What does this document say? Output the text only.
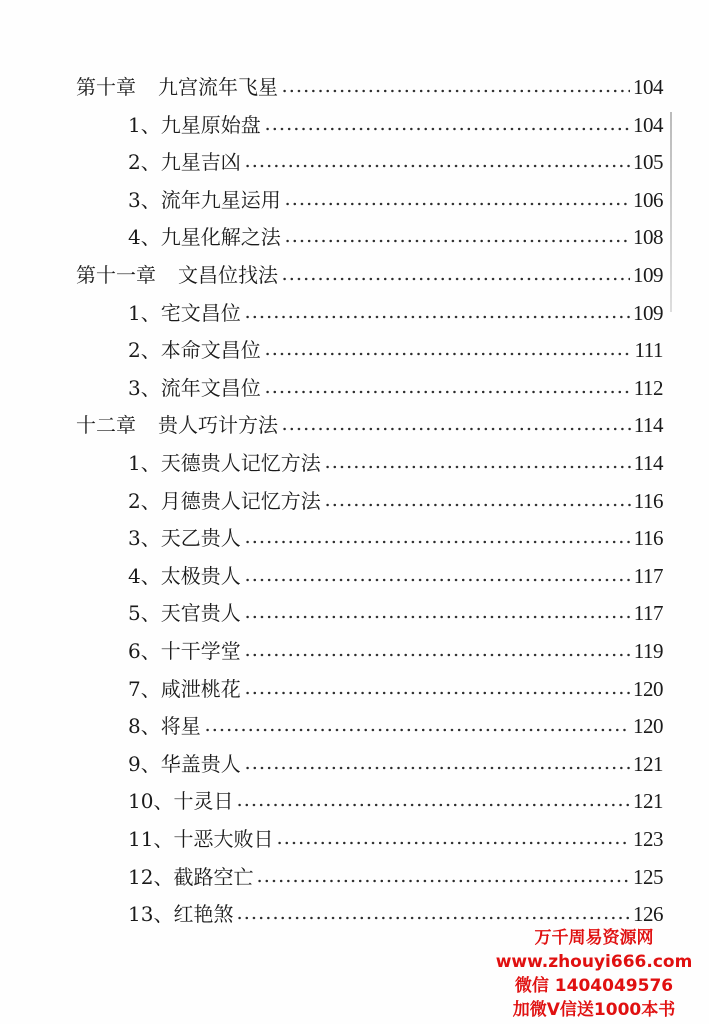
第十章 九宫流年飞星	104
1、九星原始盘	104
2、九星吉凶	105
3、流年九星运用	106
4、九星化解之法	108
第十一章 文昌位找法	109
1、宅文昌位	109
2、本命文昌位	111
3、流年文昌位	112
十二章 贵人巧计方法	114
1、天德贵人记忆方法	114
2、月德贵人记忆方法	116
3、天乙贵人	116
4、太极贵人	117
5、天官贵人	117
6、十干学堂	119
7、咸泄桃花	120
8、将星	120
9、华盖贵人	121
10、十灵日	121
11、十恶大败日	123
12、截路空亡	125
13、红艳煞	126
万千周易资源网
www.zhouyi666.com
微信 1404049576
加微V信送1000本书
